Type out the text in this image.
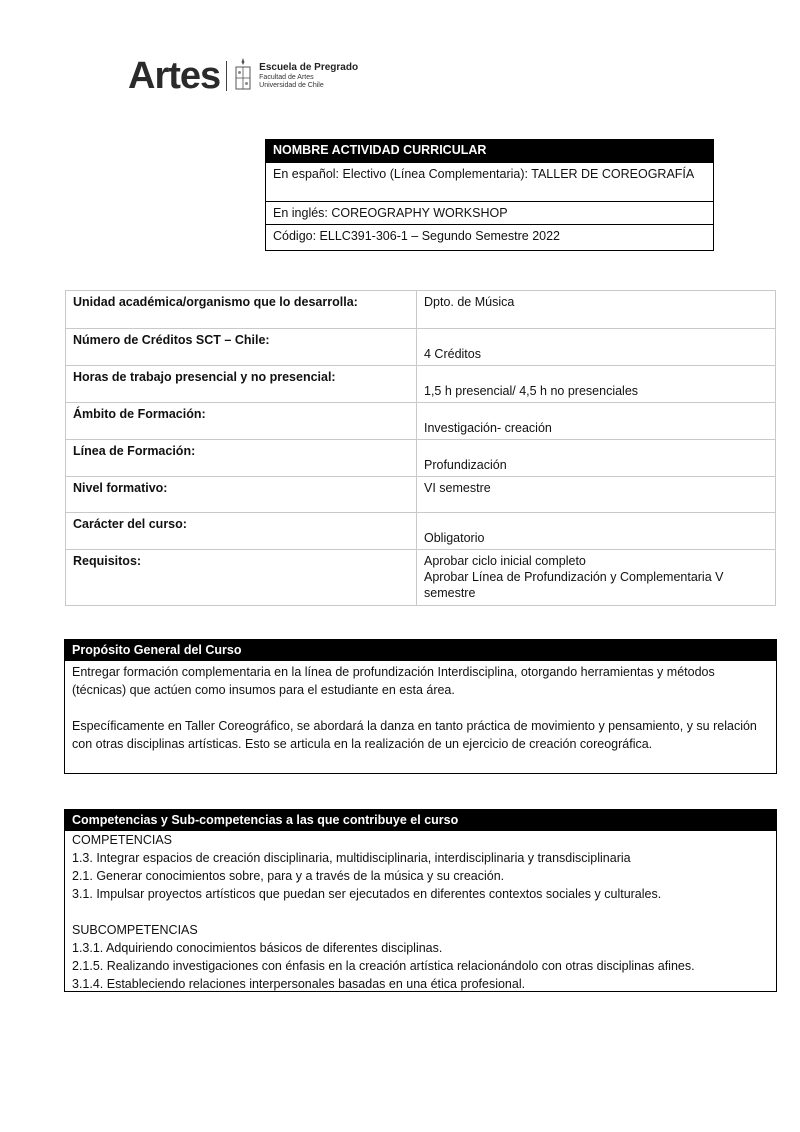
Artes	Escuela de Pregrado
Facultad de Artes
Universidad de Chile
NOMBRE ACTIVIDAD CURRICULAR
En español: Electivo (Línea Complementaria): TALLER DE COREOGRAFÍA
En inglés: COREOGRAPHY WORKSHOP
Código: ELLC391-306-1 – Segundo Semestre 2022
Unidad académica/organismo que lo desarrolla:	Dpto. de Música
Número de Créditos SCT – Chile:	4 Créditos
Horas de trabajo presencial y no presencial:	1,5 h presencial/ 4,5 h no presenciales
Ámbito de Formación:	Investigación- creación
Línea de Formación:	Profundización
Nivel formativo:	VI semestre
Carácter del curso:	Obligatorio
Requisitos:	Aprobar ciclo inicial completo
Aprobar Línea de Profundización y Complementaria V semestre
Propósito General del Curso

Entregar formación complementaria en la línea de profundización Interdisciplina, otorgando herramientas y métodos (técnicas) que actúen como insumos para el estudiante en esta área.

Específicamente en Taller Coreográfico, se abordará la danza en tanto práctica de movimiento y pensamiento, y su relación con otras disciplinas artísticas. Esto se articula en la realización de un ejercicio de creación coreográfica.

Competencias y Sub-competencias a las que contribuye el curso
COMPETENCIAS
1.3. Integrar espacios de creación disciplinaria, multidisciplinaria, interdisciplinaria y transdisciplinaria
2.1. Generar conocimientos sobre, para y a través de la música y su creación.
3.1. Impulsar proyectos artísticos que puedan ser ejecutados en diferentes contextos sociales y culturales.
SUBCOMPETENCIAS
1.3.1. Adquiriendo conocimientos básicos de diferentes disciplinas.
2.1.5. Realizando investigaciones con énfasis en la creación artística relacionándolo con otras disciplinas afines.
3.1.4. Estableciendo relaciones interpersonales basadas en una ética profesional.
